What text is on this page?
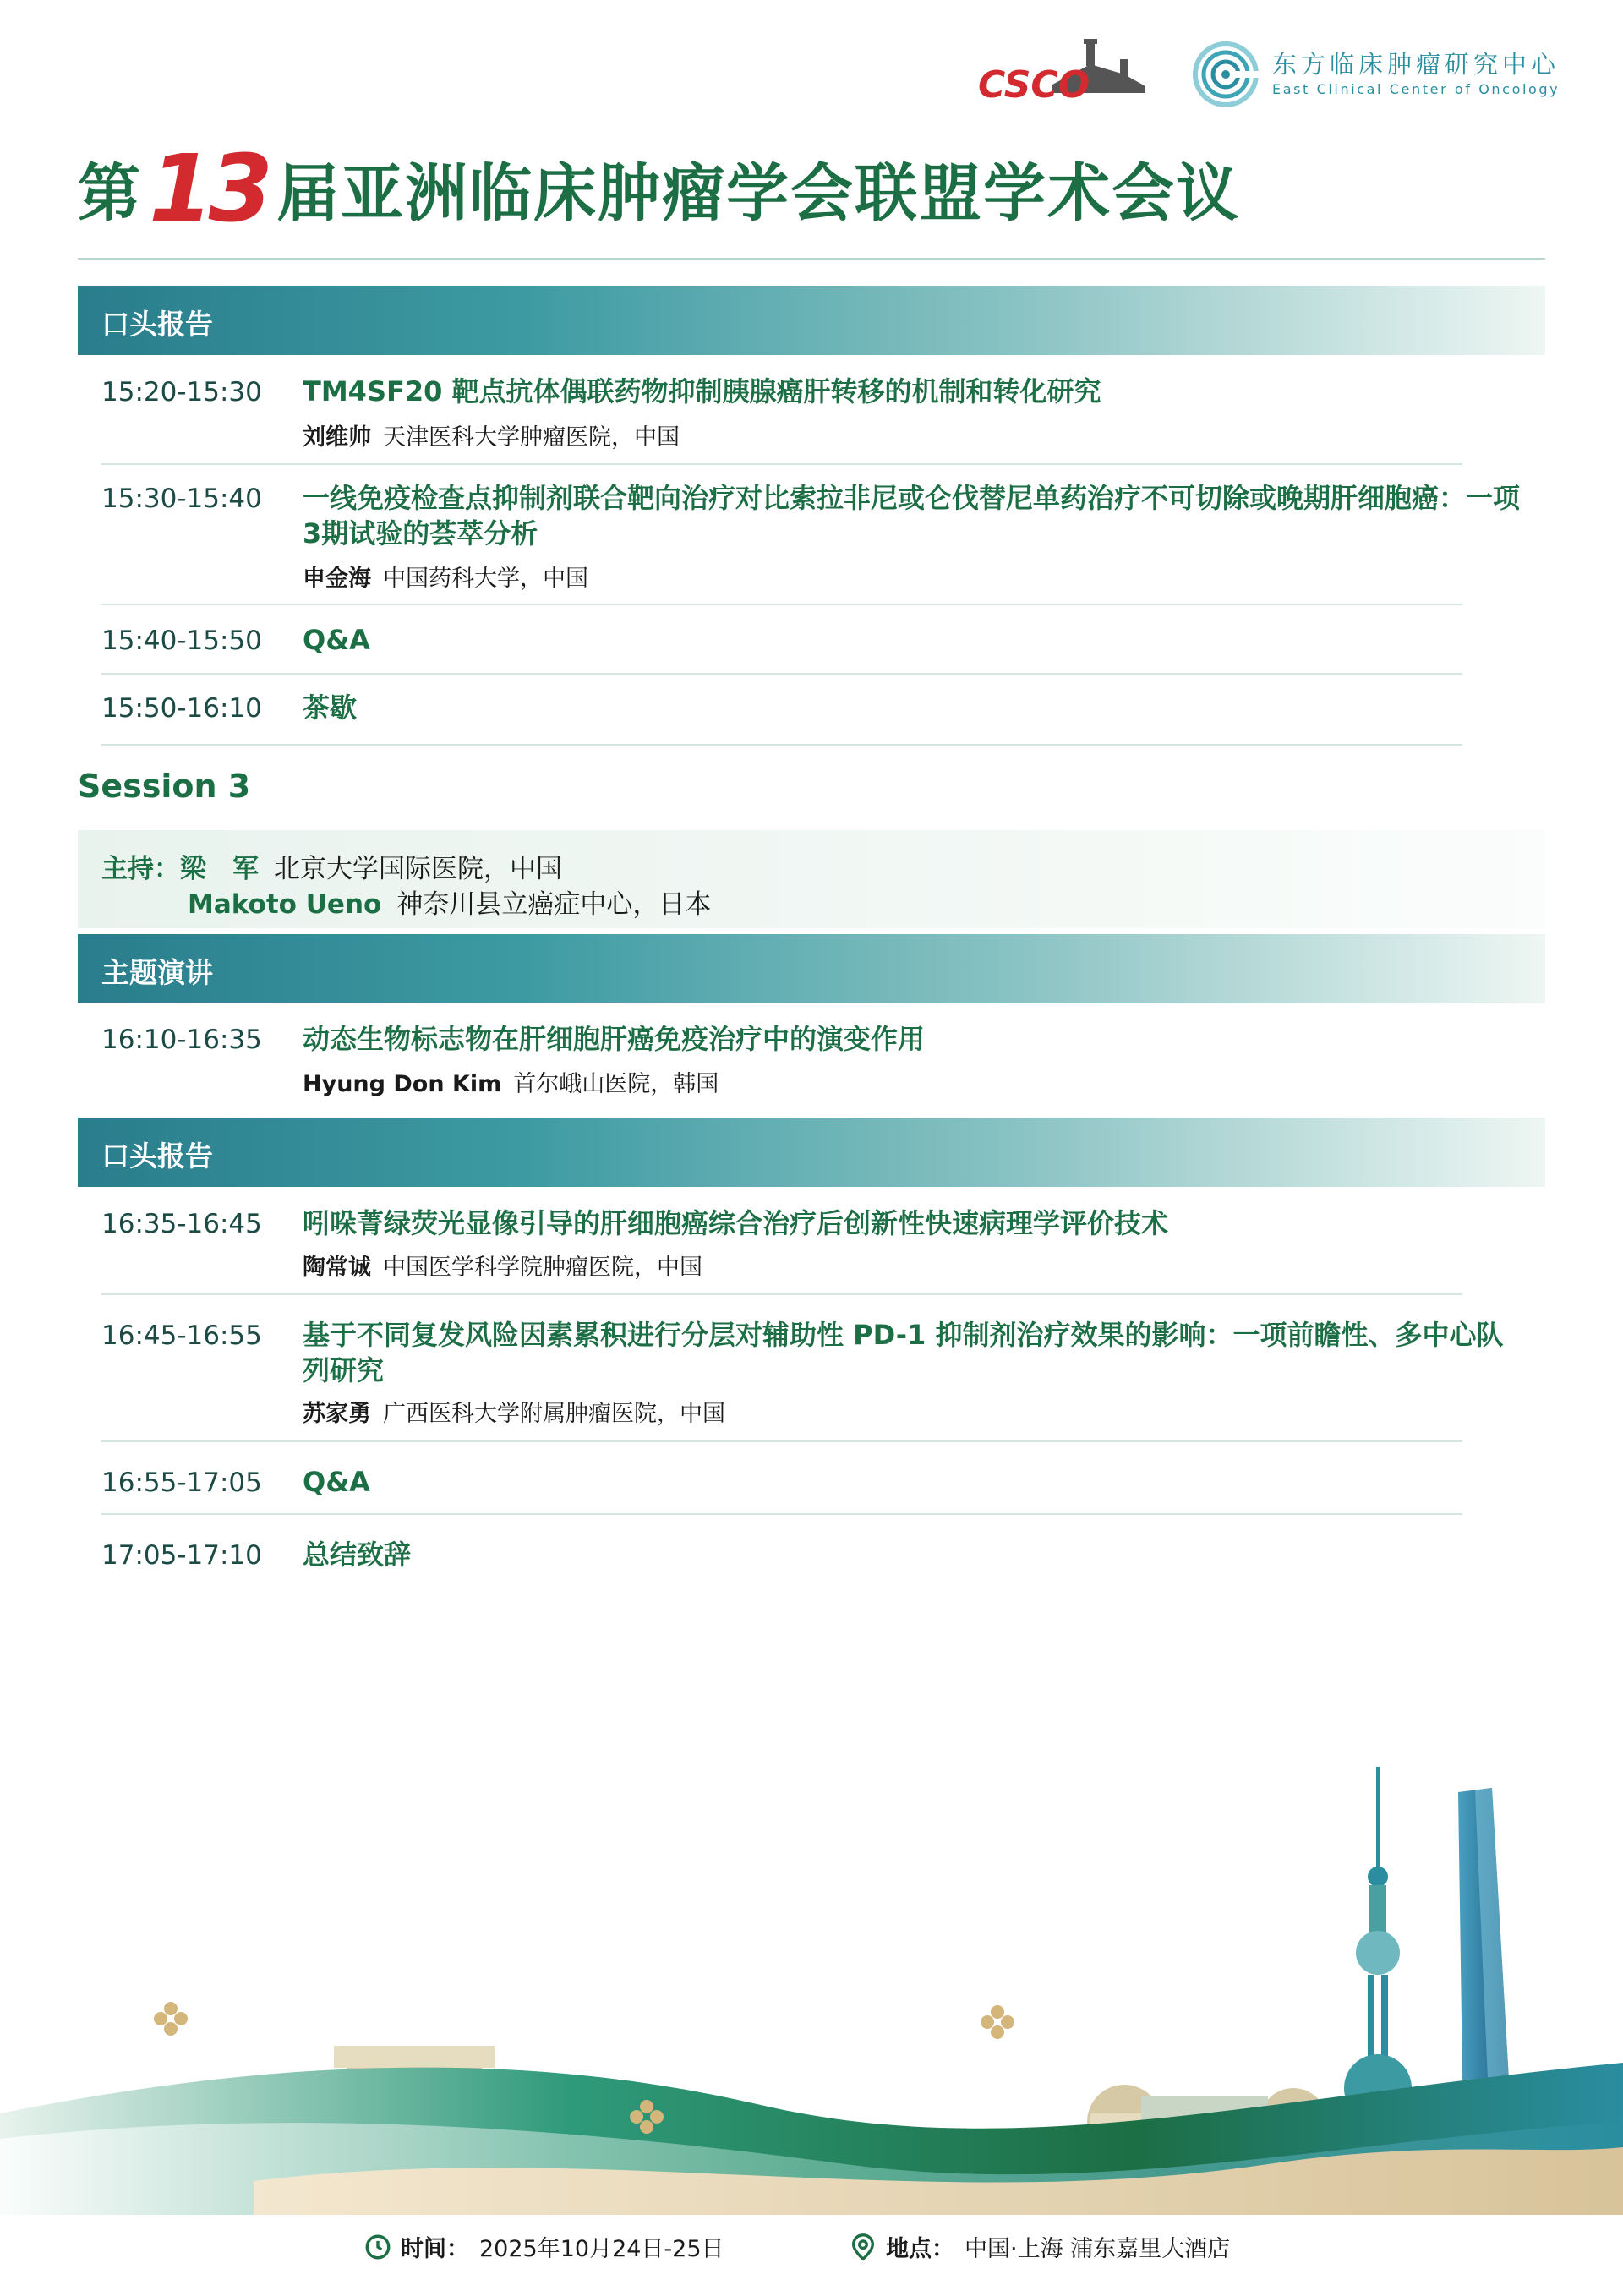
CSCO	东方临床肿瘤研究中心
East Clinical Center of Oncology
第 13 届亚洲临床肿瘤学会联盟学术会议
口头报告
15:20-15:30 TM4SF20 靶点抗体偶联药物抑制胰腺癌肝转移的机制和转化研究
刘维帅 天津医科大学肿瘤医院，中国
15:30-15:40 一线免疫检查点抑制剂联合靶向治疗对比索拉非尼或仑伐替尼单药治疗不可切除或晚期肝细胞癌：一项3期试验的荟萃分析
申金海 中国药科大学，中国
15:40-15:50 Q&A
15:50-16:10 茶歇
Session 3
主持：梁　军 北京大学国际医院，中国
Makoto Ueno 神奈川县立癌症中心，日本
主题演讲
16:10-16:35 动态生物标志物在肝细胞肝癌免疫治疗中的演变作用
Hyung Don Kim 首尔峨山医院，韩国
口头报告
16:35-16:45 吲哚菁绿荧光显像引导的肝细胞癌综合治疗后创新性快速病理学评价技术
陶常诚 中国医学科学院肿瘤医院，中国
16:45-16:55 基于不同复发风险因素累积进行分层对辅助性 PD-1 抑制剂治疗效果的影响：一项前瞻性、多中心队列研究
苏家勇 广西医科大学附属肿瘤医院，中国
16:55-17:05 Q&A
17:05-17:10 总结致辞
时间： 2025年10月24日-25日	地点： 中国·上海 浦东嘉里大酒店
